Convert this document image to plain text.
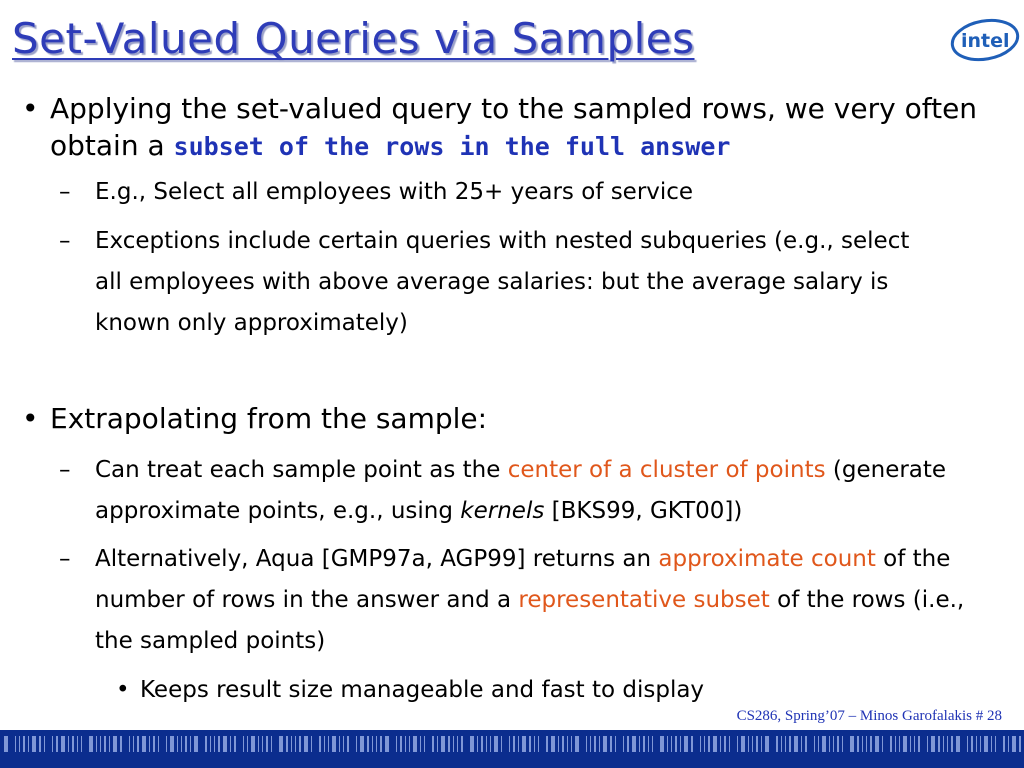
Set-Valued Queries via Samples	intel
• Applying the set-valued query to the sampled rows, we very often obtain a subset of the rows in the full answer
– E.g., Select all employees with 25+ years of service
– Exceptions include certain queries with nested subqueries (e.g., select all employees with above average salaries: but the average salary is known only approximately)
• Extrapolating from the sample:
– Can treat each sample point as the center of a cluster of points (generate approximate points, e.g., using kernels [BKS99, GKT00])
– Alternatively, Aqua [GMP97a, AGP99] returns an approximate count of the number of rows in the answer and a representative subset of the rows (i.e., the sampled points)
• Keeps result size manageable and fast to display
CS286, Spring’07 – Minos Garofalakis # 28
